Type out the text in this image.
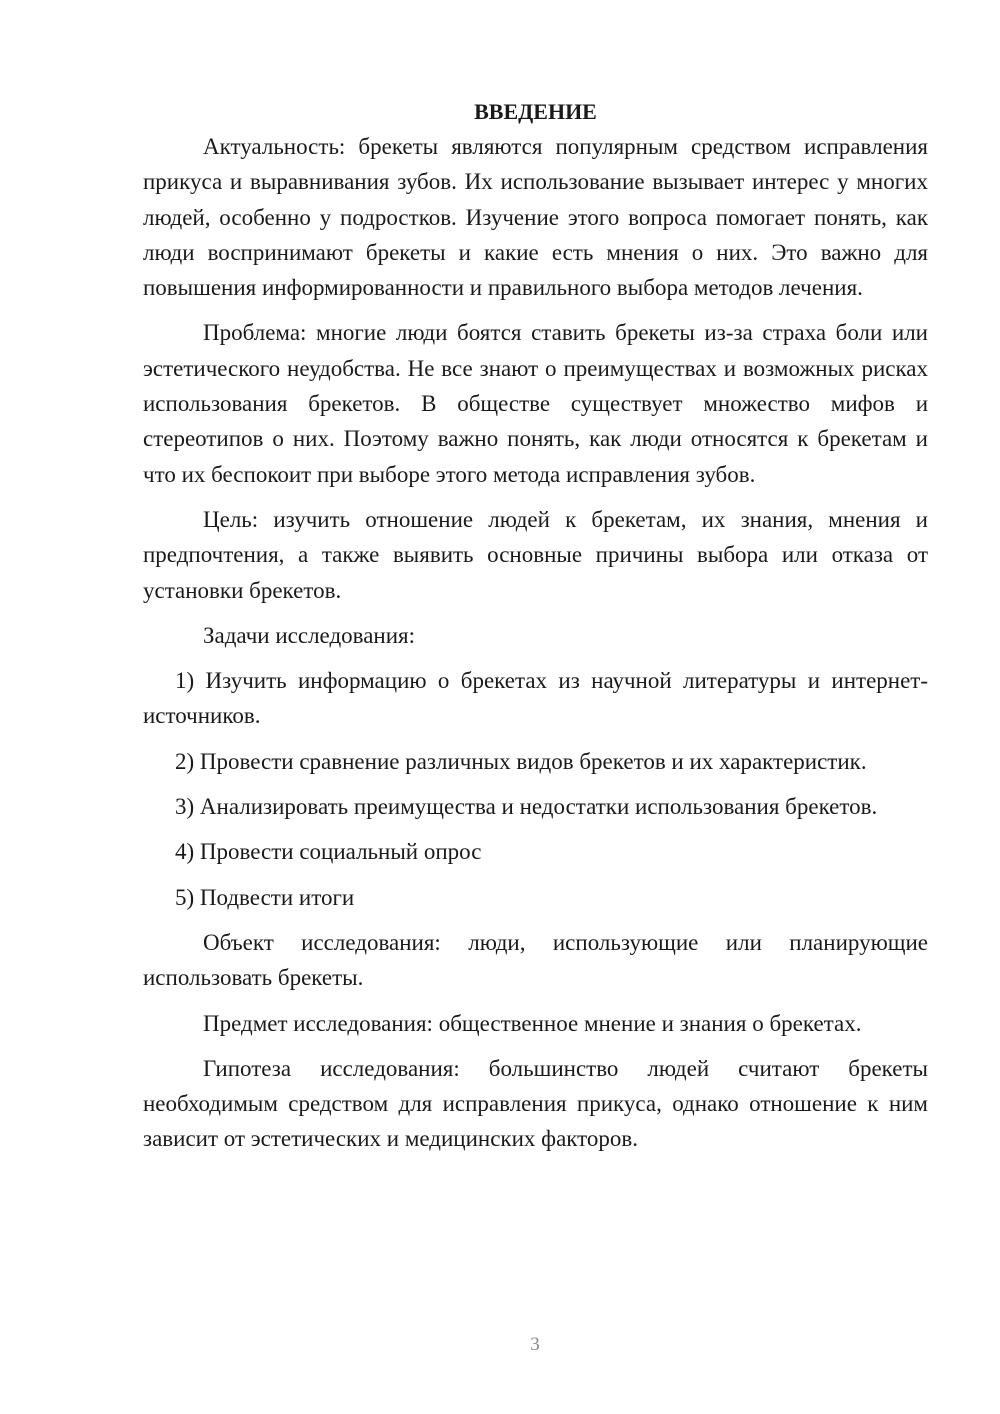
ВВЕДЕНИЕ

Актуальность: брекеты являются популярным средством исправления прикуса и выравнивания зубов. Их использование вызывает интерес у многих людей, особенно у подростков. Изучение этого вопроса помогает понять, как люди воспринимают брекеты и какие есть мнения о них. Это важно для повышения информированности и правильного выбора методов лечения.

Проблема: многие люди боятся ставить брекеты из-за страха боли или эстетического неудобства. Не все знают о преимуществах и возможных рисках использования брекетов. В обществе существует множество мифов и стереотипов о них. Поэтому важно понять, как люди относятся к брекетам и что их беспокоит при выборе этого метода исправления зубов.

Цель: изучить отношение людей к брекетам, их знания, мнения и предпочтения, а также выявить основные причины выбора или отказа от установки брекетов.

Задачи исследования:

1) Изучить информацию о брекетах из научной литературы и интернет-источников.

2) Провести сравнение различных видов брекетов и их характеристик.

3) Анализировать преимущества и недостатки использования брекетов.

4) Провести социальный опрос

5) Подвести итоги

Объект исследования: люди, использующие или планирующие использовать брекеты.

Предмет исследования: общественное мнение и знания о брекетах.

Гипотеза исследования: большинство людей считают брекеты необходимым средством для исправления прикуса, однако отношение к ним зависит от эстетических и медицинских факторов.

3
